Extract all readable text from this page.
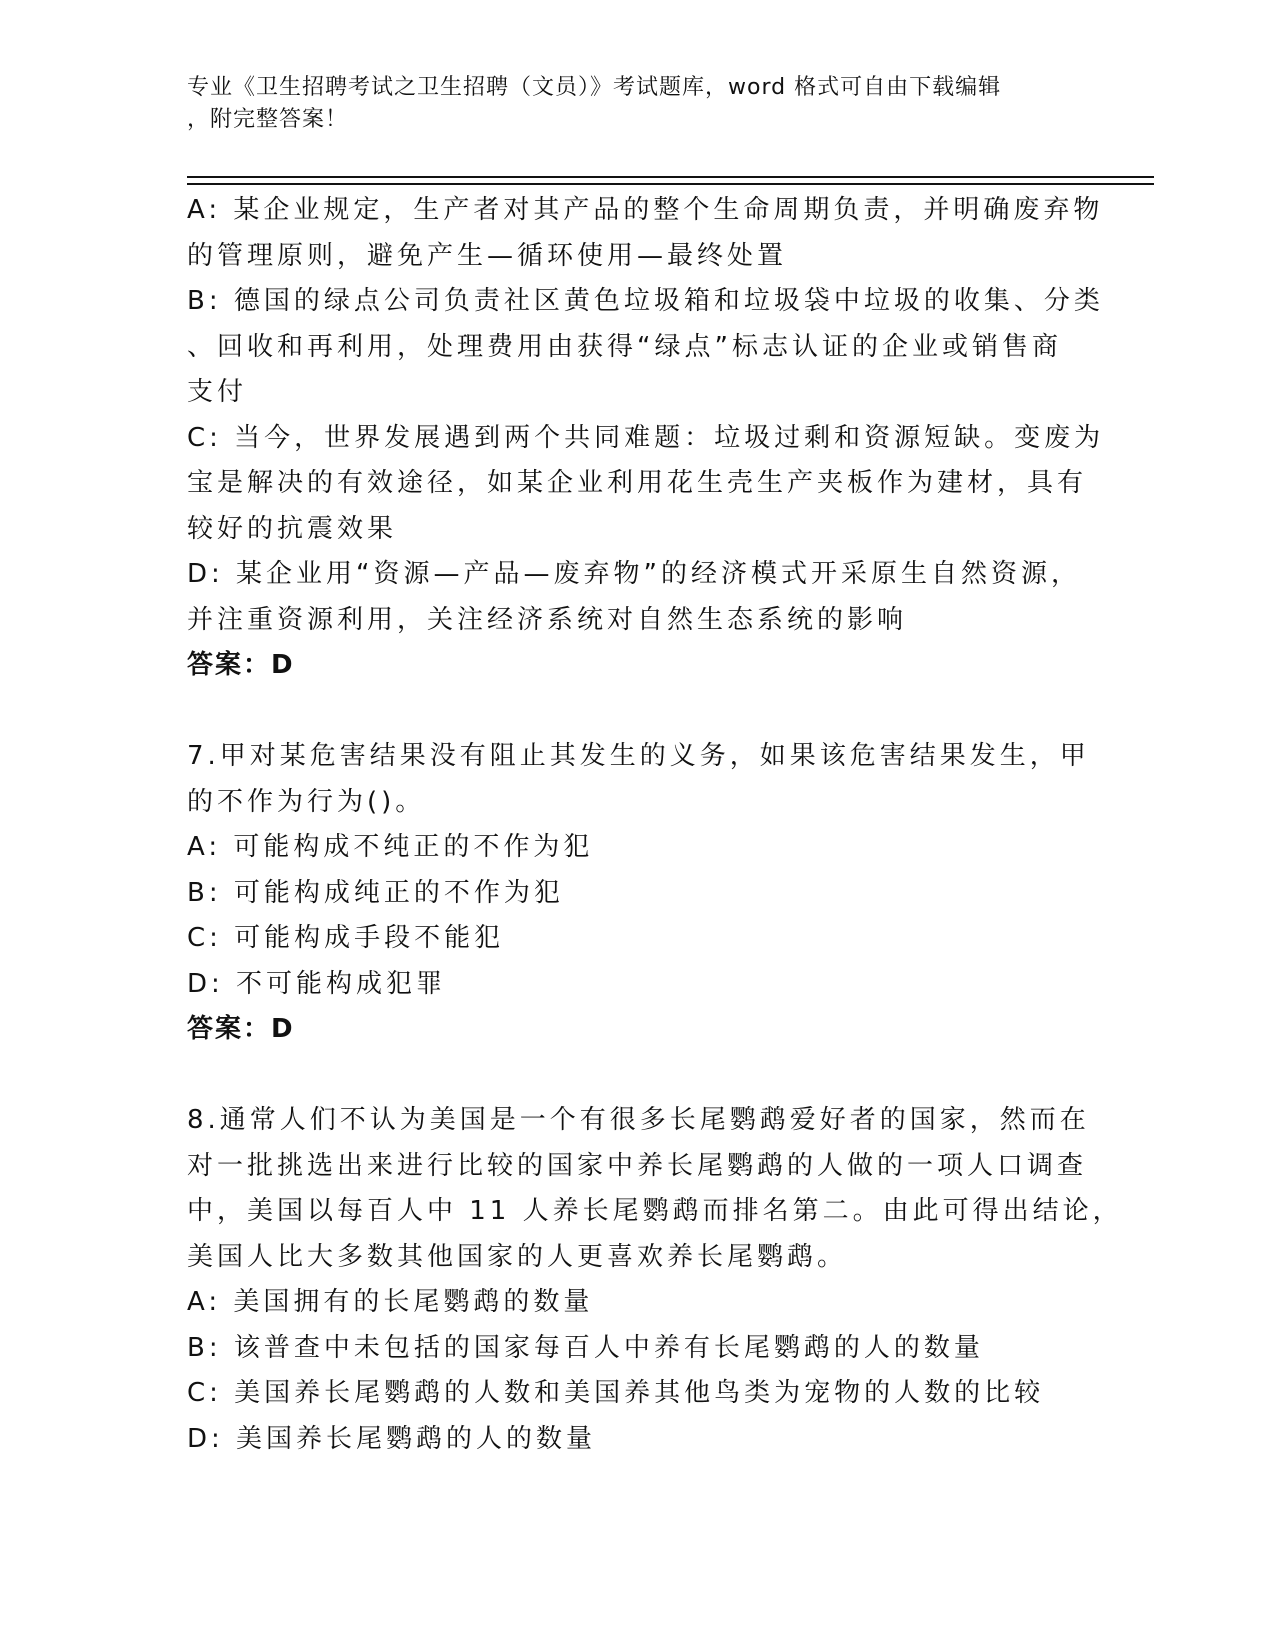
专业《卫生招聘考试之卫生招聘（文员）》考试题库，word 格式可自由下载编辑
，附完整答案！
A: 某企业规定，生产者对其产品的整个生命周期负责，并明确废弃物
的管理原则，避免产生—循环使用—最终处置
B: 德国的绿点公司负责社区黄色垃圾箱和垃圾袋中垃圾的收集、分类
、回收和再利用，处理费用由获得“绿点”标志认证的企业或销售商
支付
C: 当今，世界发展遇到两个共同难题：垃圾过剩和资源短缺。变废为
宝是解决的有效途径，如某企业利用花生壳生产夹板作为建材，具有
较好的抗震效果
D: 某企业用“资源—产品—废弃物”的经济模式开采原生自然资源，
并注重资源利用，关注经济系统对自然生态系统的影响
答案：D
7.甲对某危害结果没有阻止其发生的义务，如果该危害结果发生，甲
的不作为行为()。
A: 可能构成不纯正的不作为犯
B: 可能构成纯正的不作为犯
C: 可能构成手段不能犯
D: 不可能构成犯罪
答案：D
8.通常人们不认为美国是一个有很多长尾鹦鹉爱好者的国家，然而在
对一批挑选出来进行比较的国家中养长尾鹦鹉的人做的一项人口调查
中，美国以每百人中 11 人养长尾鹦鹉而排名第二。由此可得出结论，
美国人比大多数其他国家的人更喜欢养长尾鹦鹉。
A: 美国拥有的长尾鹦鹉的数量
B: 该普查中未包括的国家每百人中养有长尾鹦鹉的人的数量
C: 美国养长尾鹦鹉的人数和美国养其他鸟类为宠物的人数的比较
D: 美国养长尾鹦鹉的人的数量
